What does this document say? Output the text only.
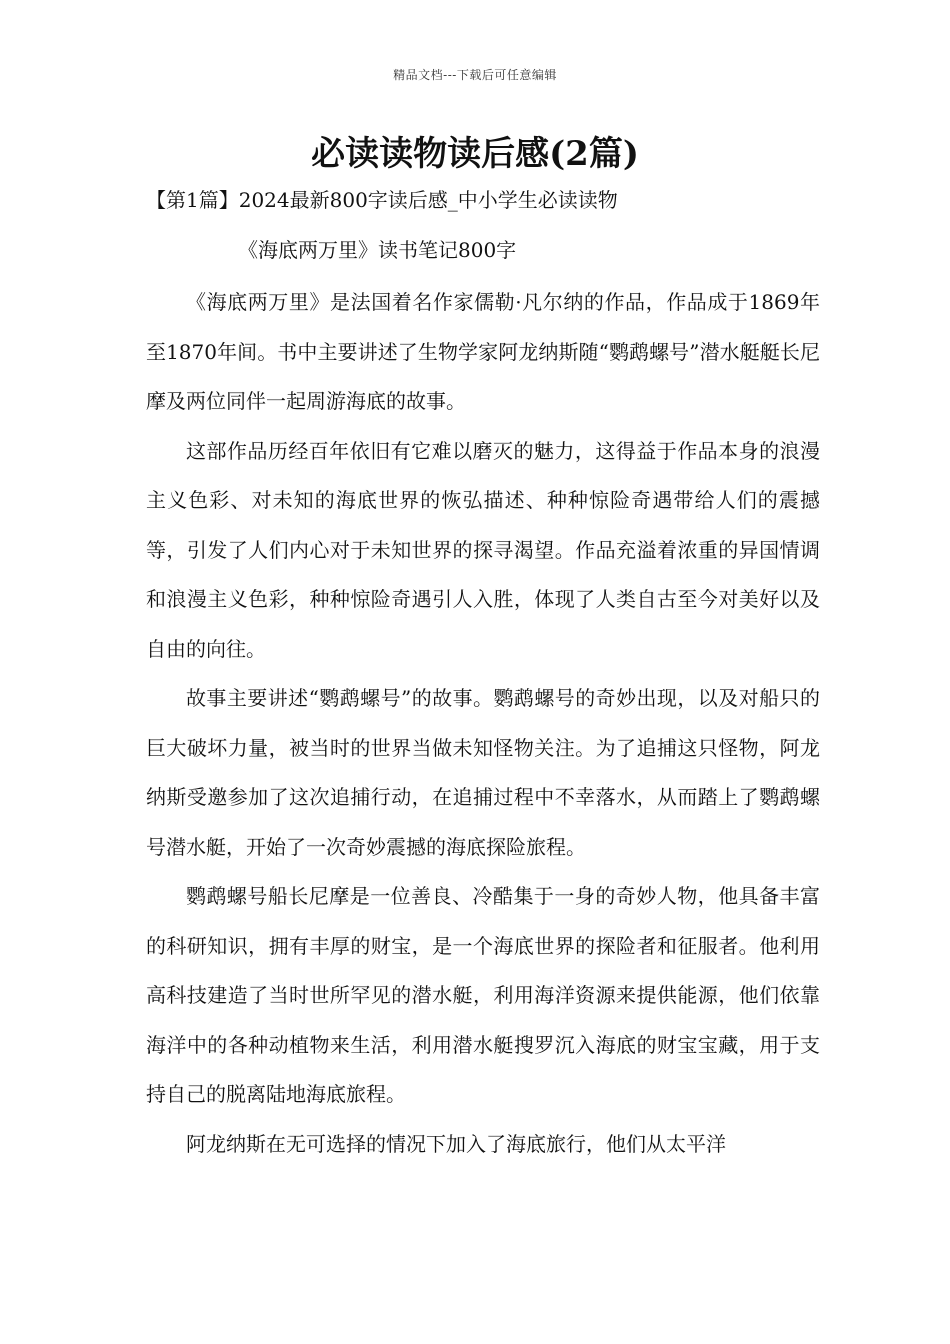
精品文档---下载后可任意编辑
必读读物读后感(2篇)
【第1篇】2024最新800字读后感_中小学生必读读物
《海底两万里》读书笔记800字

《海底两万里》是法国着名作家儒勒·凡尔纳的作品，作品成于1869年至1870年间。书中主要讲述了生物学家阿龙纳斯随“鹦鹉螺号”潜水艇艇长尼摩及两位同伴一起周游海底的故事。

这部作品历经百年依旧有它难以磨灭的魅力，这得益于作品本身的浪漫主义色彩、对未知的海底世界的恢弘描述、种种惊险奇遇带给人们的震撼等，引发了人们内心对于未知世界的探寻渴望。作品充溢着浓重的异国情调和浪漫主义色彩，种种惊险奇遇引人入胜，体现了人类自古至今对美好以及自由的向往。

故事主要讲述“鹦鹉螺号”的故事。鹦鹉螺号的奇妙出现，以及对船只的巨大破坏力量，被当时的世界当做未知怪物关注。为了追捕这只怪物，阿龙纳斯受邀参加了这次追捕行动，在追捕过程中不幸落水，从而踏上了鹦鹉螺号潜水艇，开始了一次奇妙震撼的海底探险旅程。

鹦鹉螺号船长尼摩是一位善良、冷酷集于一身的奇妙人物，他具备丰富的科研知识，拥有丰厚的财宝，是一个海底世界的探险者和征服者。他利用高科技建造了当时世所罕见的潜水艇，利用海洋资源来提供能源，他们依靠海洋中的各种动植物来生活，利用潜水艇搜罗沉入海底的财宝宝藏，用于支持自己的脱离陆地海底旅程。

阿龙纳斯在无可选择的情况下加入了海底旅行，他们从太平洋
